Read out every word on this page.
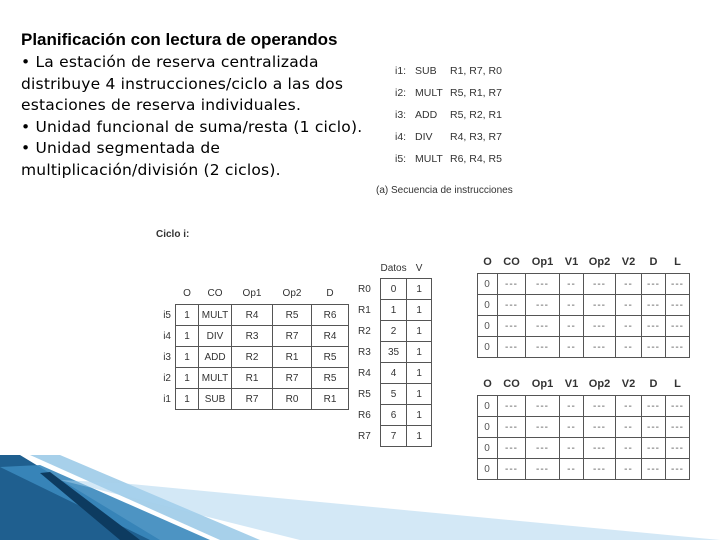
Planificación con lectura de operandos
• La estación de reserva centralizada distribuye 4 instrucciones/ciclo a las dos estaciones de reserva individuales.
• Unidad funcional de suma/resta (1 ciclo).
• Unidad segmentada de multiplicación/división (2 ciclos).
i1: SUB	R1, R7, R0
i2: MULT R5, R1, R7
i3: ADD	R5, R2, R1
i4: DIV	R4, R3, R7
i5: MULT R6, R4, R5
(a) Secuencia de instrucciones
Ciclo i:
	O	CO	Op1	Op2	D
i5	1	MULT	R4	R5	R6
i4	1	DIV	R3	R7	R4
i3	1	ADD	R2	R1	R5
i2	1	MULT	R1	R7	R5
i1	1	SUB	R7	R0	R1
	Datos	V
R0	0	1
R1	1	1
R2	2	1
R3	35	1
R4	4	1
R5	5	1
R6	6	1
R7	7	1
O	CO	Op1	V1	Op2	V2	D	L
0	---	---	--	---	--	---	---
0	---	---	--	---	--	---	---
0	---	---	--	---	--	---	---
0	---	---	--	---	--	---	---
O	CO	Op1	V1	Op2	V2	D	L
0	---	---	--	---	--	---	---
0	---	---	--	---	--	---	---
0	---	---	--	---	--	---	---
0	---	---	--	---	--	---	---
